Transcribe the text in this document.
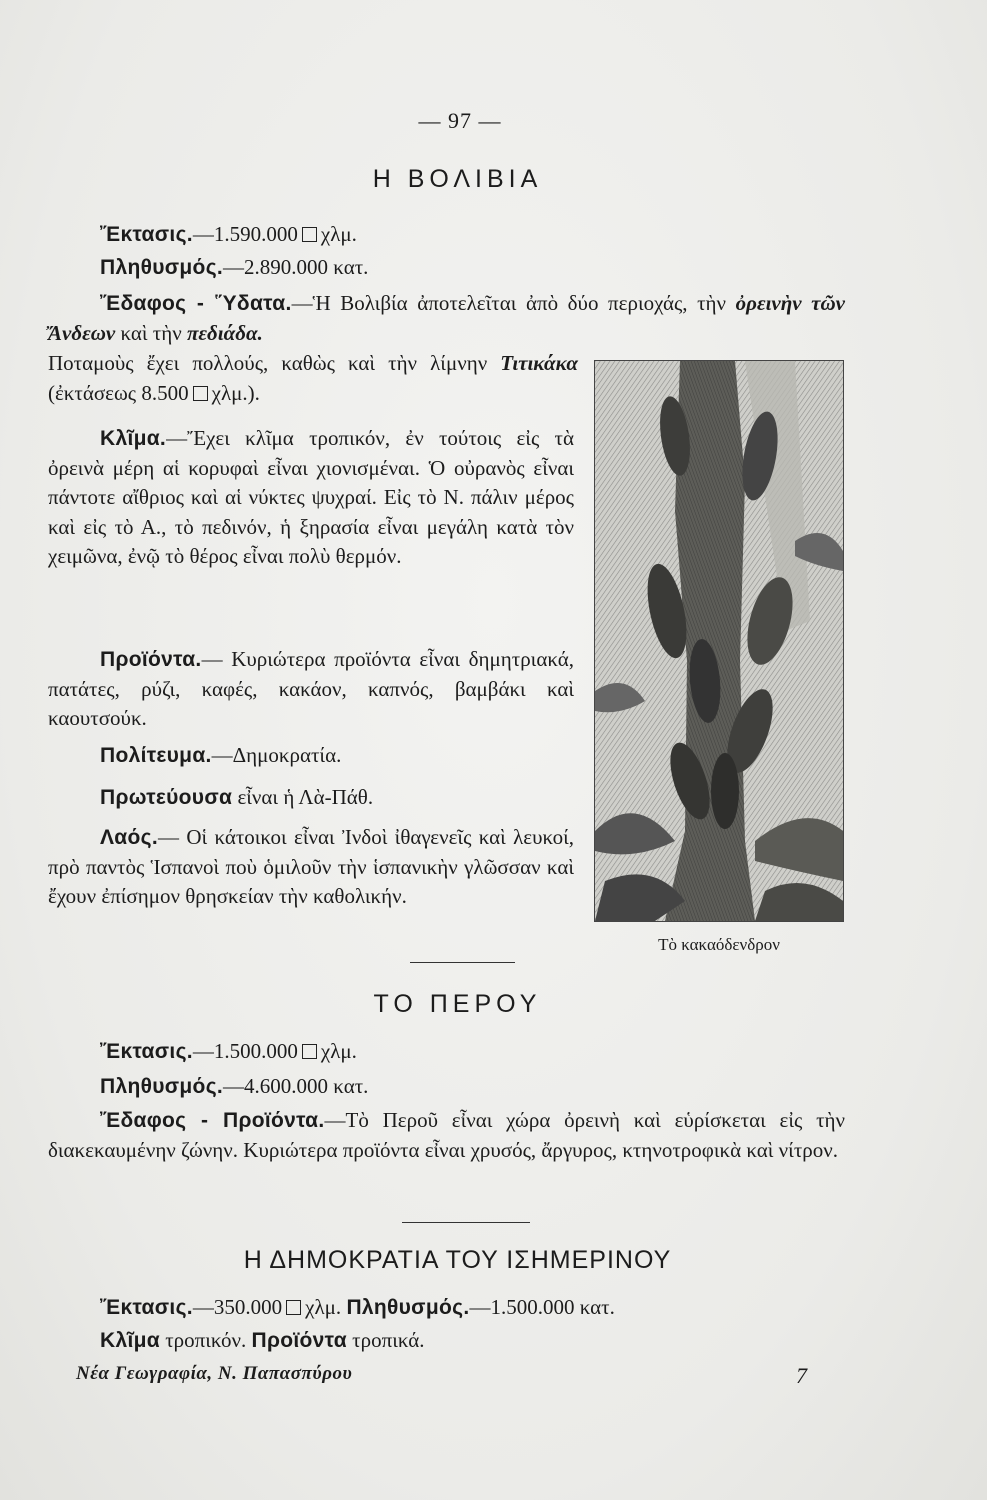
— 97 —
Η ΒΟΛΙΒΙΑ

Ἔκτασις.—1.590.000 χλμ.

Πληθυσμός.—2.890.000 κατ.

Ἔδαφος - Ὕδατα.—Ἡ Βολιβία ἀποτελεῖται ἀπὸ δύο περιοχάς, τὴν ὀρεινὴν τῶν Ἄνδεων καὶ τὴν πεδιάδα.

Ποταμοὺς ἔχει πολλούς, καθὼς καὶ τὴν λίμνην Τιτικάκα (ἐκτάσεως 8.500 χλμ.).

Κλῖμα.—Ἔχει κλῖμα τροπικόν, ἐν τούτοις εἰς τὰ ὀρεινὰ μέρη αἱ κορυφαὶ εἶναι χιονισμέναι. Ὁ οὐρανὸς εἶναι πάντοτε αἴθριος καὶ αἱ νύκτες ψυχραί. Εἰς τὸ Ν. πάλιν μέρος καὶ εἰς τὸ Α., τὸ πεδινόν, ἡ ξηρασία εἶναι μεγάλη κατὰ τὸν χειμῶνα, ἐνῷ τὸ θέρος εἶναι πολὺ θερμόν.

Προϊόντα.— Κυριώτερα προϊόντα εἶναι δημητριακά, πατάτες, ρύζι, καφές, κακάον, καπνός, βαμβάκι καὶ καουτσούκ.

Πολίτευμα.—Δημοκρατία.

Πρωτεύουσα εἶναι ἡ Λὰ-Πάθ.

Λαός.— Οἱ κάτοικοι εἶναι Ἰνδοὶ ἰθαγενεῖς καὶ λευκοί, πρὸ παντὸς Ἱσπανοὶ ποὺ ὁμιλοῦν τὴν ἱσπανικὴν γλῶσσαν καὶ ἔχουν ἐπίσημον θρησκείαν τὴν καθολικήν.

Τὸ κακαόδενδρον
ΤΟ ΠΕΡΟΥ

Ἔκτασις.—1.500.000 χλμ.

Πληθυσμός.—4.600.000 κατ.

Ἔδαφος - Προϊόντα.—Τὸ Περοῦ εἶναι χώρα ὀρεινὴ καὶ εὑρίσκεται εἰς τὴν διακεκαυμένην ζώνην. Κυριώτερα προϊόντα εἶναι χρυσός, ἄργυρος, κτηνοτροφικὰ καὶ νίτρον.

Η ΔΗΜΟΚΡΑΤΙΑ ΤΟΥ ΙΣΗΜΕΡΙΝΟΥ

Ἔκτασις.—350.000 χλμ. Πληθυσμός.—1.500.000 κατ.

Κλῖμα τροπικόν. Προϊόντα τροπικά.

Νέα Γεωγραφία, Ν. Παπασπύρου	7
